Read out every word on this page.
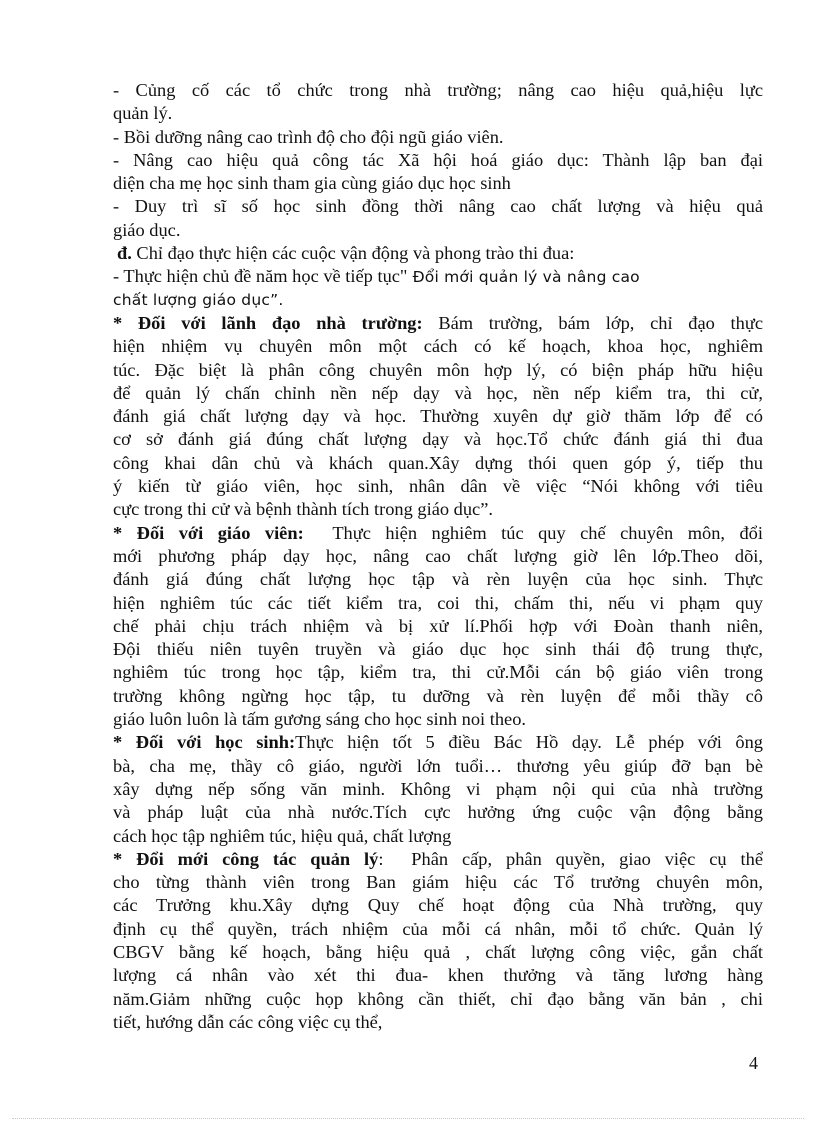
- Củng cố các tổ chức trong nhà trường; nâng cao hiệu quả,hiệu lực
quản lý.
- Bồi dưỡng nâng cao trình độ cho đội ngũ giáo viên.
- Nâng cao hiệu quả công tác Xã hội hoá giáo dục: Thành lập ban đại
diện cha mẹ học sinh tham gia cùng giáo dục học sinh
- Duy trì sĩ số học sinh đồng thời nâng cao chất lượng và hiệu quả
giáo dục.
đ. Chỉ đạo thực hiện các cuộc vận động và phong trào thi đua:
- Thực hiện chủ đề năm học về tiếp tục" Đổi mới quản lý và nâng cao
chất lượng giáo dục”.
* Đối với lãnh đạo nhà trường: Bám trường, bám lớp, chỉ đạo thực
hiện nhiệm vụ chuyên môn một cách có kế hoạch, khoa học, nghiêm
túc. Đặc biệt là phân công chuyên môn hợp lý, có biện pháp hữu hiệu
để quản lý chấn chỉnh nền nếp dạy và học, nền nếp kiểm tra, thi cử,
đánh giá chất lượng dạy và học. Thường xuyên dự giờ thăm lớp để có
cơ sở đánh giá đúng chất lượng dạy và học.Tổ chức đánh giá thi đua
công khai dân chủ và khách quan.Xây dựng thói quen góp ý, tiếp thu
ý kiến từ giáo viên, học sinh, nhân dân về việc “Nói không với tiêu
cực trong thi cử và bệnh thành tích trong giáo dục”.
* Đối với giáo viên:  Thực hiện nghiêm túc quy chế chuyên môn, đổi
mới phương pháp dạy học, nâng cao chất lượng giờ lên lớp.Theo dõi,
đánh giá đúng chất lượng học tập và rèn luyện của học sinh. Thực
hiện nghiêm túc các tiết kiểm tra, coi thi, chấm thi, nếu vi phạm quy
chế phải chịu trách nhiệm và bị xử lí.Phối hợp với Đoàn thanh niên,
Đội thiếu niên tuyên truyền và giáo dục học sinh thái độ trung thực,
nghiêm túc trong học tập, kiểm tra, thi cử.Mỗi cán bộ giáo viên trong
trường không ngừng học tập, tu dưỡng và rèn luyện để mỗi thầy cô
giáo luôn luôn là tấm gương sáng cho học sinh noi theo.
* Đối với học sinh:Thực hiện tốt 5 điều Bác Hồ dạy. Lễ phép với ông
bà, cha mẹ, thầy cô giáo, người lớn tuổi… thương yêu giúp đỡ bạn bè
xây dựng nếp sống văn minh. Không vi phạm nội qui của nhà trường
và pháp luật của nhà nước.Tích cực hưởng ứng cuộc vận động bằng
cách học tập nghiêm túc, hiệu quả, chất lượng
* Đổi mới công tác quản lý:  Phân cấp, phân quyền, giao việc cụ thể
cho từng thành viên trong Ban giám hiệu các Tổ trưởng chuyên môn,
các Trưởng khu.Xây dựng Quy chế hoạt động của Nhà trường, quy
định cụ thể quyền, trách nhiệm của mỗi cá nhân, mỗi tổ chức. Quản lý
CBGV bằng kế hoạch, bằng hiệu quả , chất lượng công việc, gắn chất
lượng cá nhân vào xét thi đua- khen thưởng và tăng lương hàng
năm.Giảm những cuộc họp không cần thiết, chỉ đạo bằng văn bản , chi
tiết, hướng dẫn các công việc cụ thể,
4
